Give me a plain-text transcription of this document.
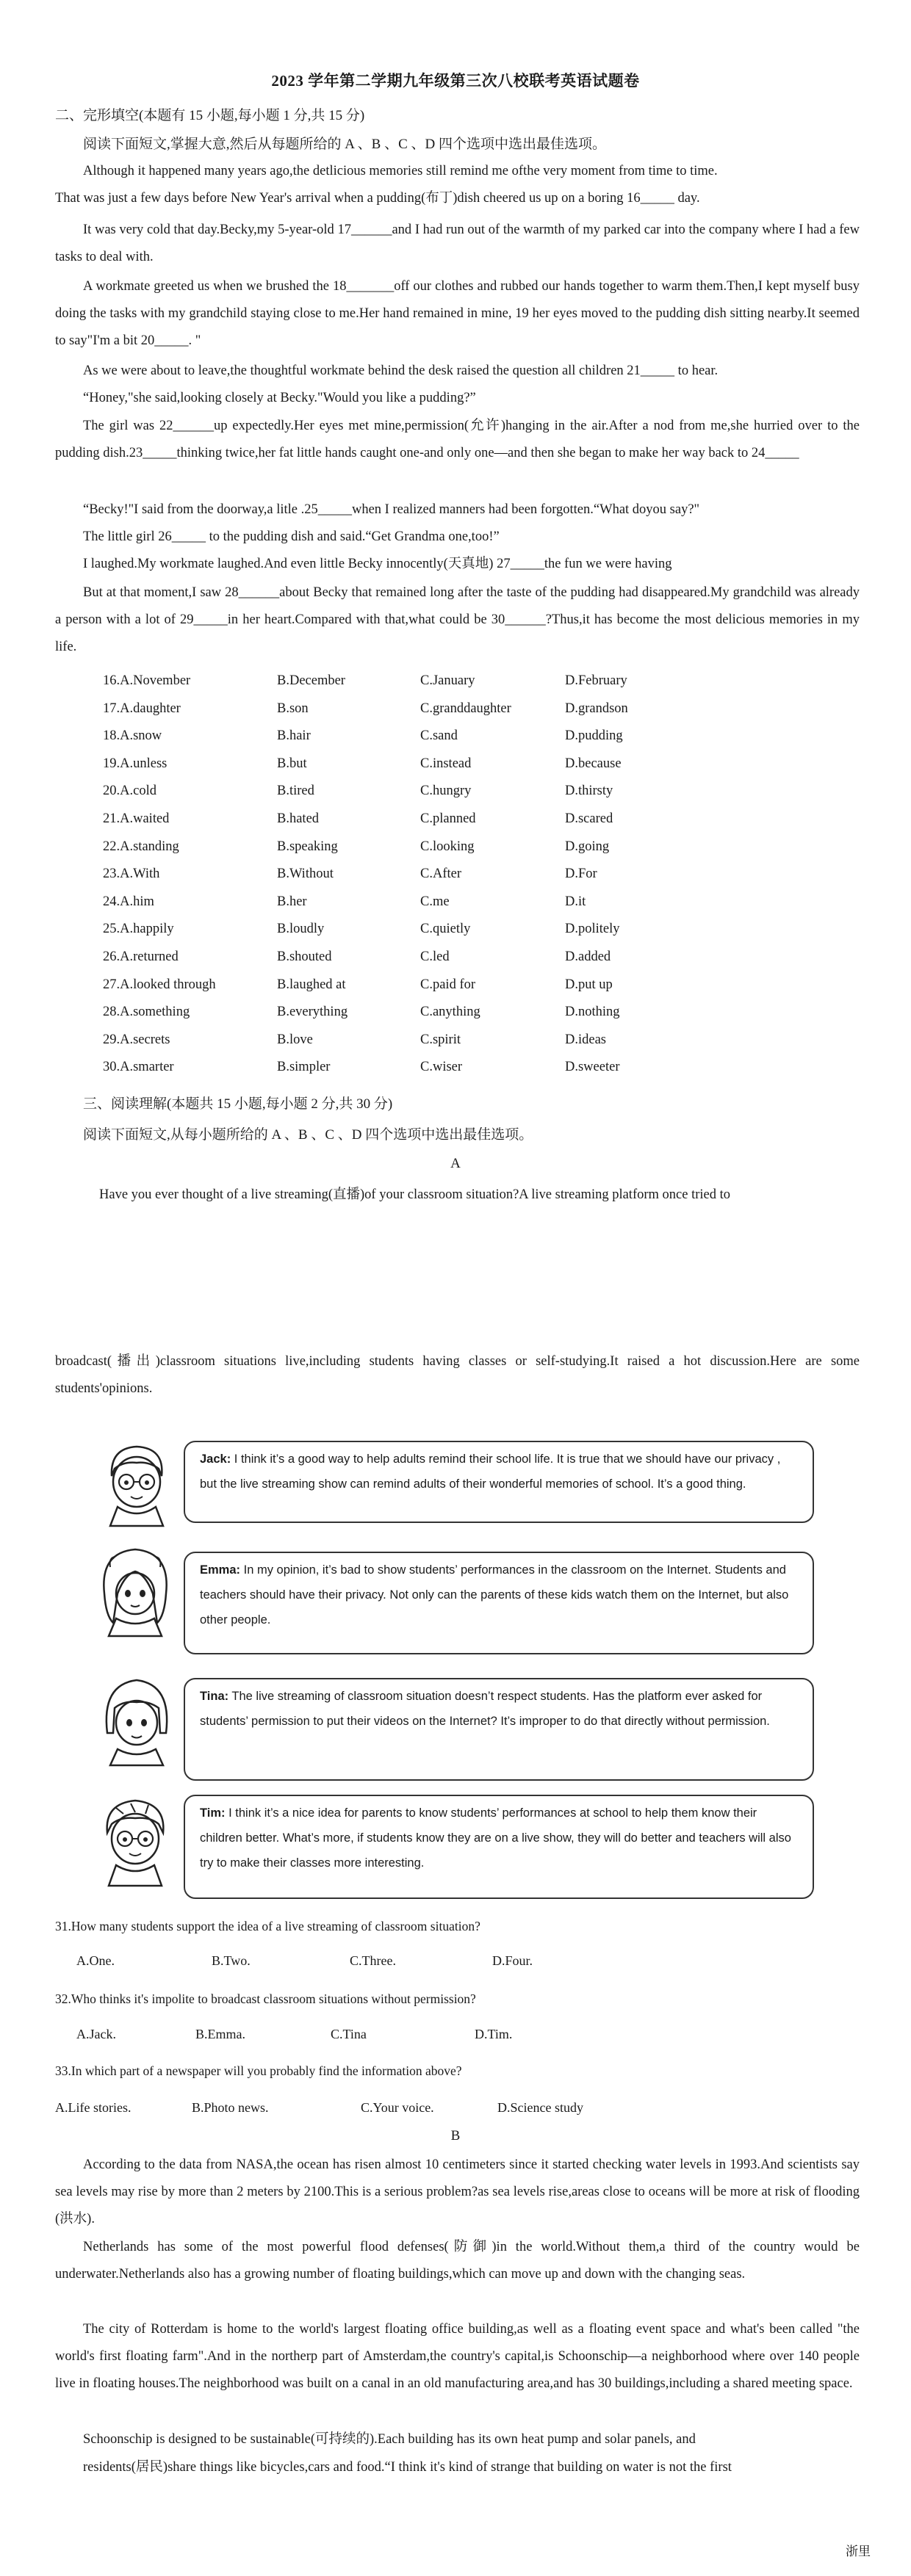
2023 学年第二学期九年级第三次八校联考英语试题卷
二、完形填空(本题有 15 小题,每小题 1 分,共 15 分)
阅读下面短文,掌握大意,然后从每题所给的 A 、B 、C 、D 四个选项中选出最佳选项。

Although it happened many years ago,the detlicious memories still remind me ofthe very moment from time to time.

That was just a few days before New Year's arrival when a pudding(布丁)dish cheered us up on a boring 16_____ day.

It was very cold that day.Becky,my 5-year-old 17______and I had run out of the warmth of my parked car into the company where I had a few tasks to deal with.

A workmate greeted us when we brushed the 18_______off our clothes and rubbed our hands together to warm them.Then,I kept myself busy doing the tasks with my grandchild staying close to me.Her hand remained in mine, 19 her eyes moved to the pudding dish sitting nearby.It seemed to say"I'm a bit 20_____. "

As we were about to leave,the thoughtful workmate behind the desk raised the question all children 21_____ to hear.

“Honey,"she said,looking closely at Becky."Would you like a pudding?”

The girl was 22______up expectedly.Her eyes met mine,permission(允许)hanging in the air.After a nod from me,she hurried over to the pudding dish.23_____thinking twice,her fat little hands caught one-and only one—and then she began to make her way back to 24_____

“Becky!"I said from the doorway,a litle .25_____when I realized manners had been forgotten.“What doyou say?"

The little girl 26_____ to the pudding dish and said.“Get Grandma one,too!”

I laughed.My workmate laughed.And even little Becky innocently(天真地) 27_____the fun we were having

But at that moment,I saw 28______about Becky that remained long after the taste of the pudding had disappeared.My grandchild was already a person with a lot of 29_____in her heart.Compared with that,what could be 30______?Thus,it has become the most delicious memories in my life.

16.A.November	B.December	C.January	D.February
17.A.daughter	B.son	C.granddaughter	D.grandson
18.A.snow	B.hair	C.sand	D.pudding
19.A.unless	B.but	C.instead	D.because
20.A.cold	B.tired	C.hungry	D.thirsty
21.A.waited	B.hated	C.planned	D.scared
22.A.standing	B.speaking	C.looking	D.going
23.A.With	B.Without	C.After	D.For
24.A.him	B.her	C.me	D.it
25.A.happily	B.loudly	C.quietly	D.politely
26.A.returned	B.shouted	C.led	D.added
27.A.looked through	B.laughed at	C.paid for	D.put up
28.A.something	B.everything	C.anything	D.nothing
29.A.secrets	B.love	C.spirit	D.ideas
30.A.smarter	B.simpler	C.wiser	D.sweeter
三、阅读理解(本题共 15 小题,每小题 2 分,共 30 分)
阅读下面短文,从每小题所给的 A 、B 、C 、D 四个选项中选出最佳选项。
A
Have you ever thought of a live streaming(直播)of your classroom situation?A live streaming platform once tried to

broadcast(播出)classroom situations live,including students having classes or self-studying.It raised a hot discussion.Here are some students'opinions.

Jack: I think it’s a good way to help adults remind their school life. It is true that we should have our privacy , but the live streaming show can remind adults of their wonderful memories of school. It’s a good thing.
Emma: In my opinion, it’s bad to show students’ performances in the classroom on the Internet. Students and teachers should have their privacy. Not only can the parents of these kids watch them on the Internet, but also other people.
Tina: The live streaming of classroom situation doesn’t respect students. Has the platform ever asked for students’ permission to put their videos on the Internet? It’s improper to do that directly without permission.
Tim: I think it’s a nice idea for parents to know students’ performances at school to help them know their children better. What’s more, if students know they are on a live show, they will do better and teachers will also try to make their classes more interesting.
31.How many students support the idea of a live streaming of classroom situation?
A.One.	B.Two.	C.Three.	D.Four.
32.Who thinks it's impolite to broadcast classroom situations without permission?
A.Jack.	B.Emma.	C.Tina	D.Tim.
33.In which part of a newspaper will you probably find the information above?
A.Life stories.	B.Photo news.	C.Your voice.	D.Science study
B

According to the data from NASA,the ocean has risen almost 10 centimeters since it started checking water levels in 1993.And scientists say sea levels may rise by more than 2 meters by 2100.This is a serious problem?as sea levels rise,areas close to oceans will be more at risk of flooding (洪水).

Netherlands has some of the most powerful flood defenses(防御)in the world.Without them,a third of the country would be underwater.Netherlands also has a growing number of floating buildings,which can move up and down with the changing seas.

The city of Rotterdam is home to the world's largest floating office building,as well as a floating event space and what's been called "the world's first floating farm".And in the northerp part of Amsterdam,the country's capital,is Schoonschip—a neighborhood where over 140 people live in floating houses.The neighborhood was built on a canal in an old manufacturing area,and has 30 buildings,including a shared meeting space.

Schoonschip is designed to be sustainable(可持续的).Each building has its own heat pump and solar panels, and

residents(居民)share things like bicycles,cars and food.“I think it's kind of strange that building on water is not the first

浙里
